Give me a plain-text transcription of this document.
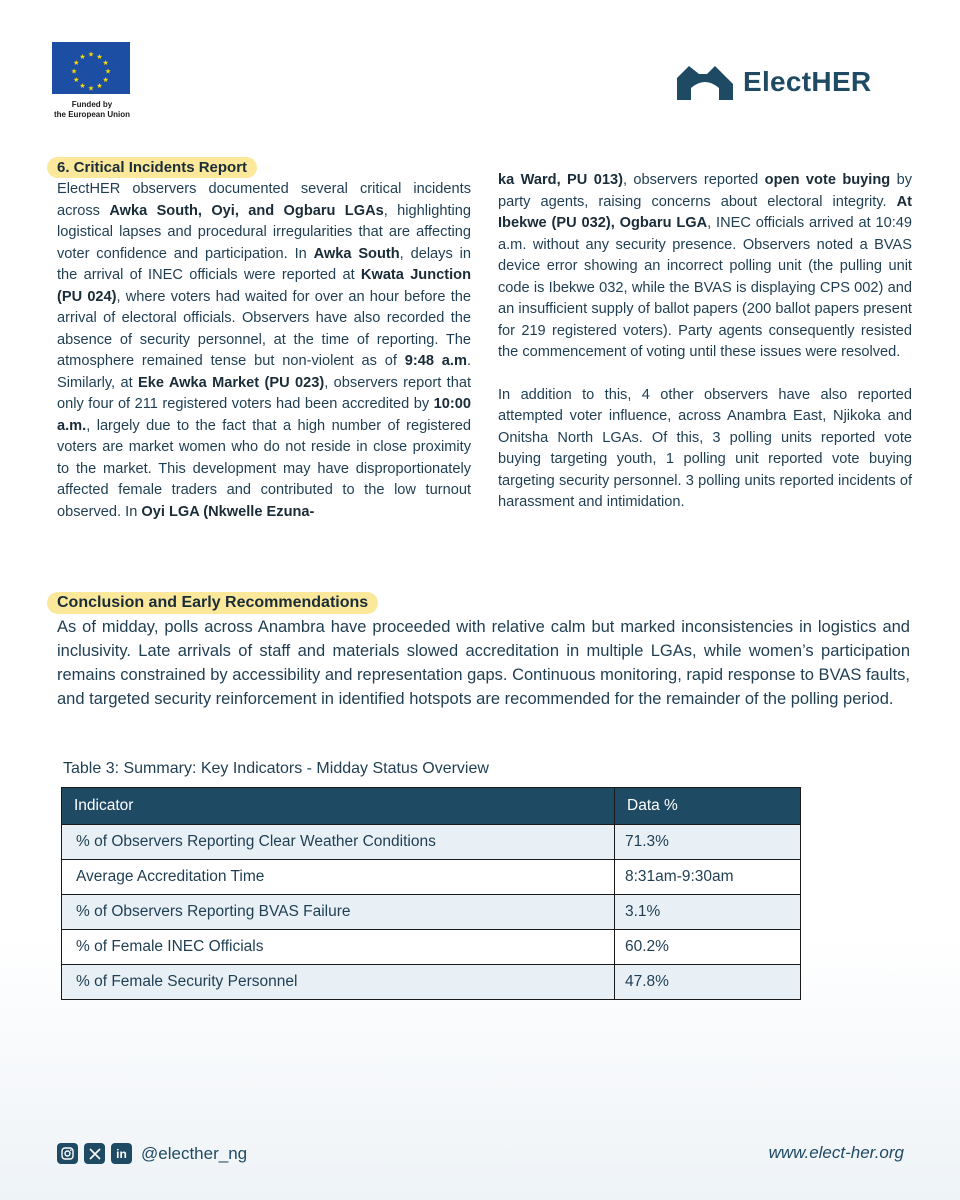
★ ★
★
★
★
★
★
★
★
★
★
★
Funded by
the European Union
ElectHER
6. Critical Incidents Report

ElectHER observers documented several critical incidents across Awka South, Oyi, and Ogbaru LGAs, highlighting logistical lapses and procedural irregularities that are affecting voter confidence and participation. In Awka South, delays in the arrival of INEC officials were reported at Kwata Junction (PU 024), where voters had waited for over an hour before the arrival of electoral officials. Observers have also recorded the absence of security personnel, at the time of reporting. The atmosphere remained tense but non-violent as of 9:48 a.m. Similarly, at Eke Awka Market (PU 023), observers report that only four of 211 registered voters had been accredited by 10:00 a.m., largely due to the fact that a high number of registered voters are market women who do not reside in close proximity to the market. This development may have disproportionately affected female traders and contributed to the low turnout observed. In Oyi LGA (Nkwelle Ezuna-

ka Ward, PU 013), observers reported open vote buying by party agents, raising concerns about electoral integrity. At Ibekwe (PU 032), Ogbaru LGA, INEC officials arrived at 10:49 a.m. without any security presence. Observers noted a BVAS device error showing an incorrect polling unit (the pulling unit code is Ibekwe 032, while the BVAS is displaying CPS 002) and an insufficient supply of ballot papers (200 ballot papers present for 219 registered voters). Party agents consequently resisted the commencement of voting until these issues were resolved.

In addition to this, 4 other observers have also reported attempted voter influence, across Anambra East, Njikoka and Onitsha North LGAs. Of this, 3 polling units reported vote buying targeting youth, 1 polling unit reported vote buying targeting security personnel. 3 polling units reported incidents of harassment and intimidation.

Conclusion and Early Recommendations
As of midday, polls across Anambra have proceeded with relative calm but marked inconsistencies in logistics and inclusivity. Late arrivals of staff and materials slowed accreditation in multiple LGAs, while women’s participation remains constrained by accessibility and representation gaps. Continuous monitoring, rapid response to BVAS faults, and targeted security reinforcement in identified hotspots are recommended for the remainder of the polling period.
Table 3: Summary: Key Indicators - Midday Status Overview
Indicator	Data %
% of Observers Reporting Clear Weather Conditions	71.3%
Average Accreditation Time	8:31am-9:30am
% of Observers Reporting BVAS Failure	3.1%
% of Female INEC Officials	60.2%
% of Female Security Personnel	47.8%
in @electher_ng	www.elect-her.org
